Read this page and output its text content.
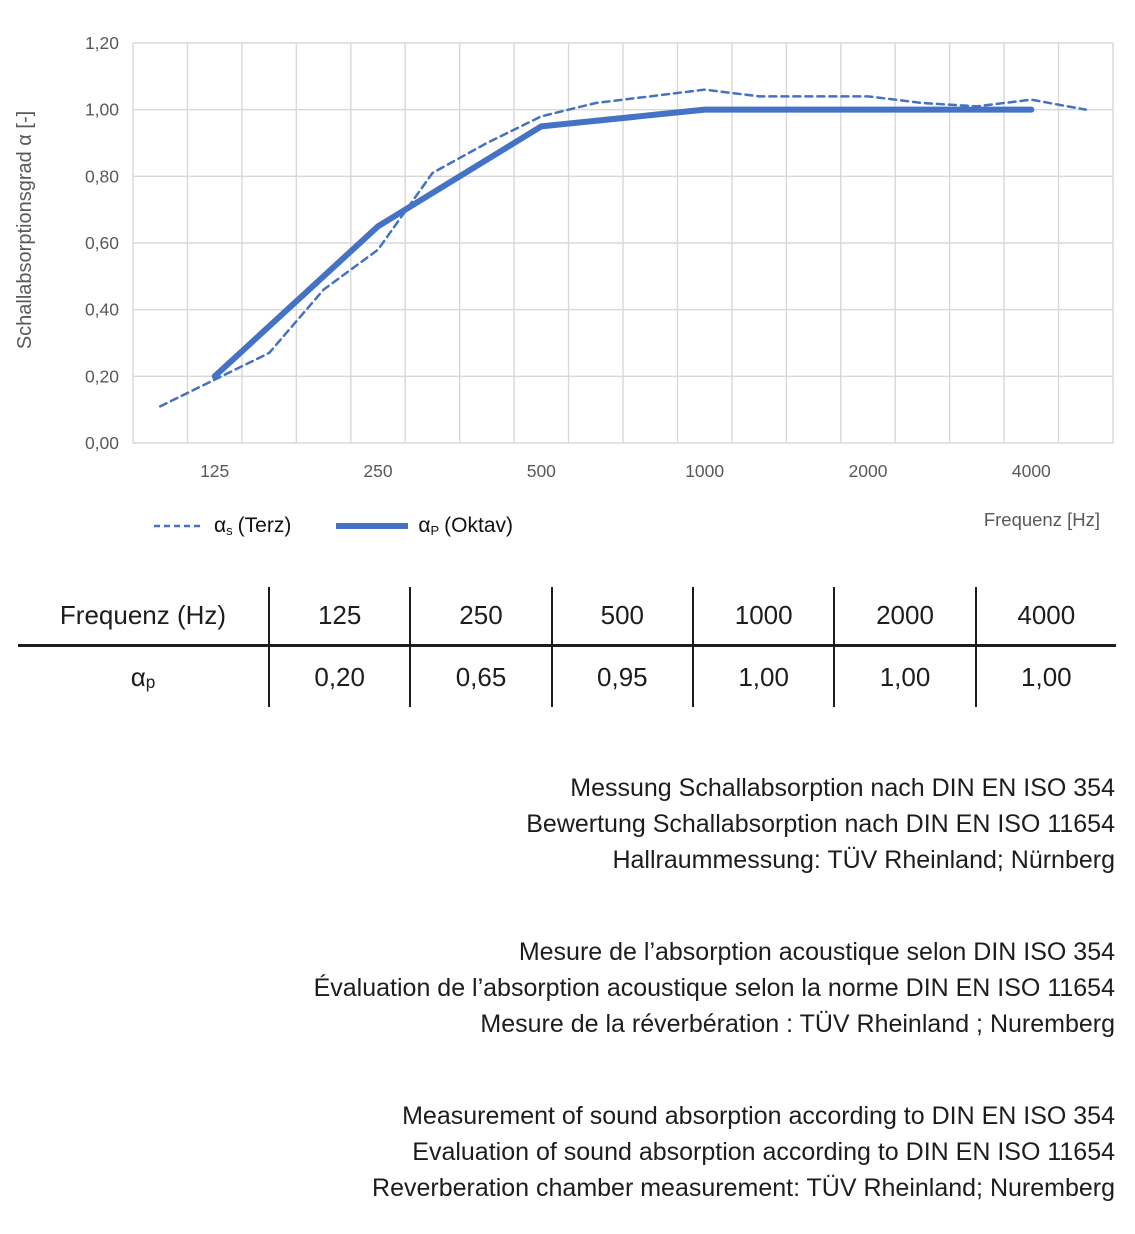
0,00
0,20
0,40
0,60
0,80
1,00
1,20
125	250	500	1000	2000	4000
Frequenz [Hz]
Schallabsorptionsgrad α [-]
$\alpha_s$ (Terz)	$\alpha_P$ (Oktav)
Frequenz (Hz)	125	250	500	1000	2000	4000
$\alpha_p$	0,20	0,65	0,95	1,00	1,00	1,00
Messung Schallabsorption nach DIN EN ISO 354
Bewertung Schallabsorption nach DIN EN ISO 11654
Hallraummessung: TÜV Rheinland; Nürnberg
Mesure de l’absorption acoustique selon DIN ISO 354
Évaluation de l’absorption acoustique selon la norme DIN EN ISO 11654
Mesure de la réverbération : TÜV Rheinland ; Nuremberg
Measurement of sound absorption according to DIN EN ISO 354
Evaluation of sound absorption according to DIN EN ISO 11654
Reverberation chamber measurement: TÜV Rheinland; Nuremberg
